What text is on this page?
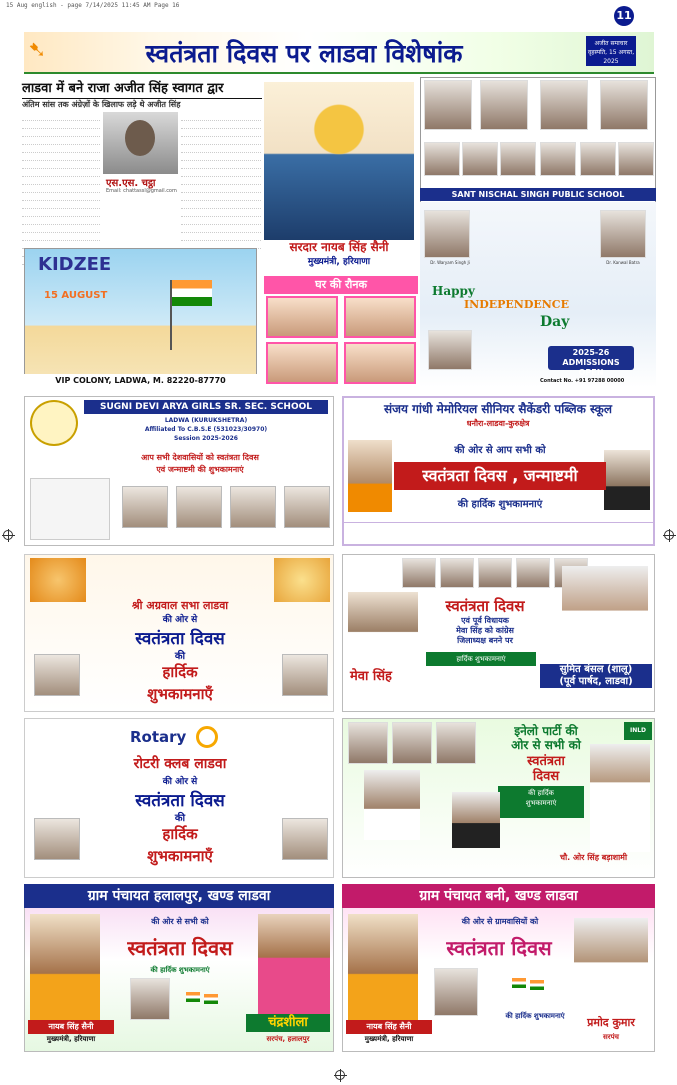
15 Aug english - page 7/14/2025 11:45 AM Page 16
➷	स्वतंत्रता दिवस पर लाडवा विशेषांक	अजीत समाचार
वृहस्पति, 15 अगस्त, 2025
11
लाडवा में बने राजा अजीत सिंह स्वागत द्वार
अंतिम सांस तक अंग्रेज़ों के खिलाफ लड़े थे अजीत सिंह
एस.एस. चट्ठा
Email: chattassl@gmail.com
सरदार नायब सिंह सैनी
मुख्यमंत्री, हरियाणा
घर की रौनक
KIDZEE
15 AUGUST
VIP COLONY, LADWA, M. 82220-87770
SANT NISCHAL SINGH PUBLIC SCHOOL
Dr. Waryam Singh Ji	Dr. Kanwal Batra
Happy
INDEPENDENCE
Day
2025-26
ADMISSIONS
OPEN
Contact No. +91 97288 00000
SUGNI DEVI ARYA GIRLS SR. SEC. SCHOOL
LADWA (KURUKSHETRA)
Affiliated To C.B.S.E (531023/30970)
Session 2025-2026
आप सभी देशवासियों को स्वतंत्रता दिवस
एवं जन्माष्टमी की शुभकामनाएं
संजय गांधी मेमोरियल सीनियर सैकेंडरी पब्लिक स्कूल
धनौरा-लाडवा-कुरुक्षेत्र
की ओर से आप सभी को
स्वतंत्रता दिवस , जन्माष्टमी
की हार्दिक शुभकामनाएं
श्री अग्रवाल सभा लाडवा
की ओर से
स्वतंत्रता दिवस
की
हार्दिक
शुभकामनाएँ
स्वतंत्रता दिवस
एवं पूर्व विधायक
मेवा सिंह को कांग्रेस
जिलाध्यक्ष बनने पर
मेवा सिंह
हार्दिक शुभकामनाएं
सुमित बंसल (शालू)
(पूर्व पार्षद, लाडवा)
Rotary
रोटरी क्लब लाडवा
की ओर से
स्वतंत्रता दिवस
की
हार्दिक
शुभकामनाएँ
इनेलो पार्टी की
ओर से सभी को
स्वतंत्रता
दिवस
की हार्दिक
शुभकामनाएं
INLD
चौ. ओर सिंह बड़ाशामी
ग्राम पंचायत हलालपुर, खण्ड लाडवा
की ओर से सभी को
स्वतंत्रता दिवस
की हार्दिक शुभकामनाएं
नायब सिंह सैनी
मुख्यमंत्री, हरियाणा
चंद्रशीला
सरपंच, हलालपुर
ग्राम पंचायत बनी, खण्ड लाडवा
की ओर से ग्रामवासियों को
स्वतंत्रता दिवस
की हार्दिक शुभकामनाएं
नायब सिंह सैनी
मुख्यमंत्री, हरियाणा
प्रमोद कुमार
सरपंच
